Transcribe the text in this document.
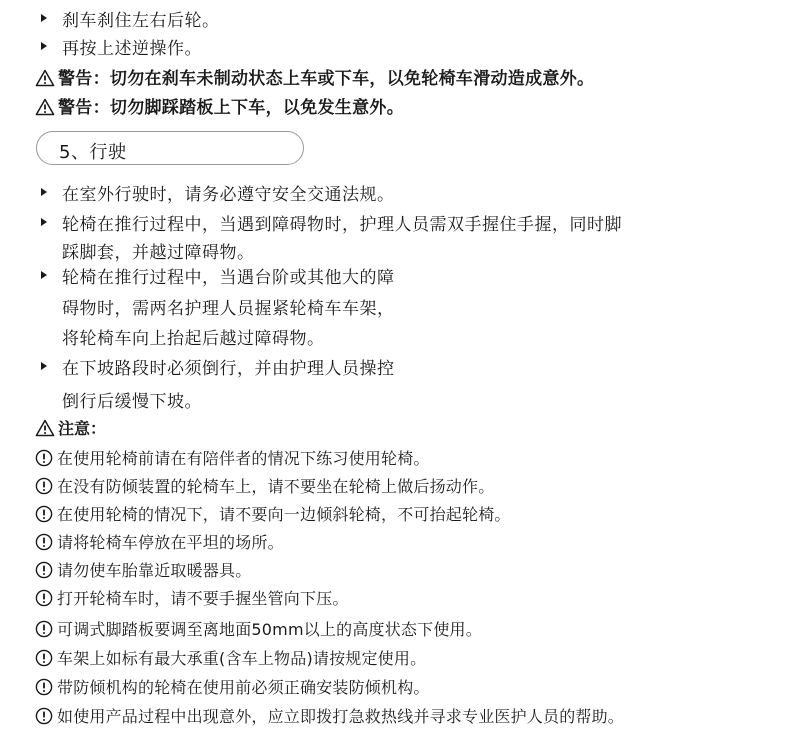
刹车刹住左右后轮。
再按上述逆操作。
警告：切勿在刹车未制动状态上车或下车，以免轮椅车滑动造成意外。
警告：切勿脚踩踏板上下车，以免发生意外。
5、行驶
在室外行驶时，请务必遵守安全交通法规。
轮椅在推行过程中，当遇到障碍物时，护理人员需双手握住手握，同时脚
踩脚套，并越过障碍物。
轮椅在推行过程中，当遇台阶或其他大的障
碍物时，需两名护理人员握紧轮椅车车架，
将轮椅车向上抬起后越过障碍物。
在下坡路段时必须倒行，并由护理人员操控
倒行后缓慢下坡。
注意：
在使用轮椅前请在有陪伴者的情况下练习使用轮椅。
在没有防倾装置的轮椅车上，请不要坐在轮椅上做后扬动作。
在使用轮椅的情况下，请不要向一边倾斜轮椅，不可抬起轮椅。
请将轮椅车停放在平坦的场所。
请勿使车胎靠近取暖器具。
打开轮椅车时，请不要手握坐管向下压。
可调式脚踏板要调至离地面50mm以上的高度状态下使用。
车架上如标有最大承重(含车上物品)请按规定使用。
带防倾机构的轮椅在使用前必须正确安装防倾机构。
如使用产品过程中出现意外，应立即拨打急救热线并寻求专业医护人员的帮助。
